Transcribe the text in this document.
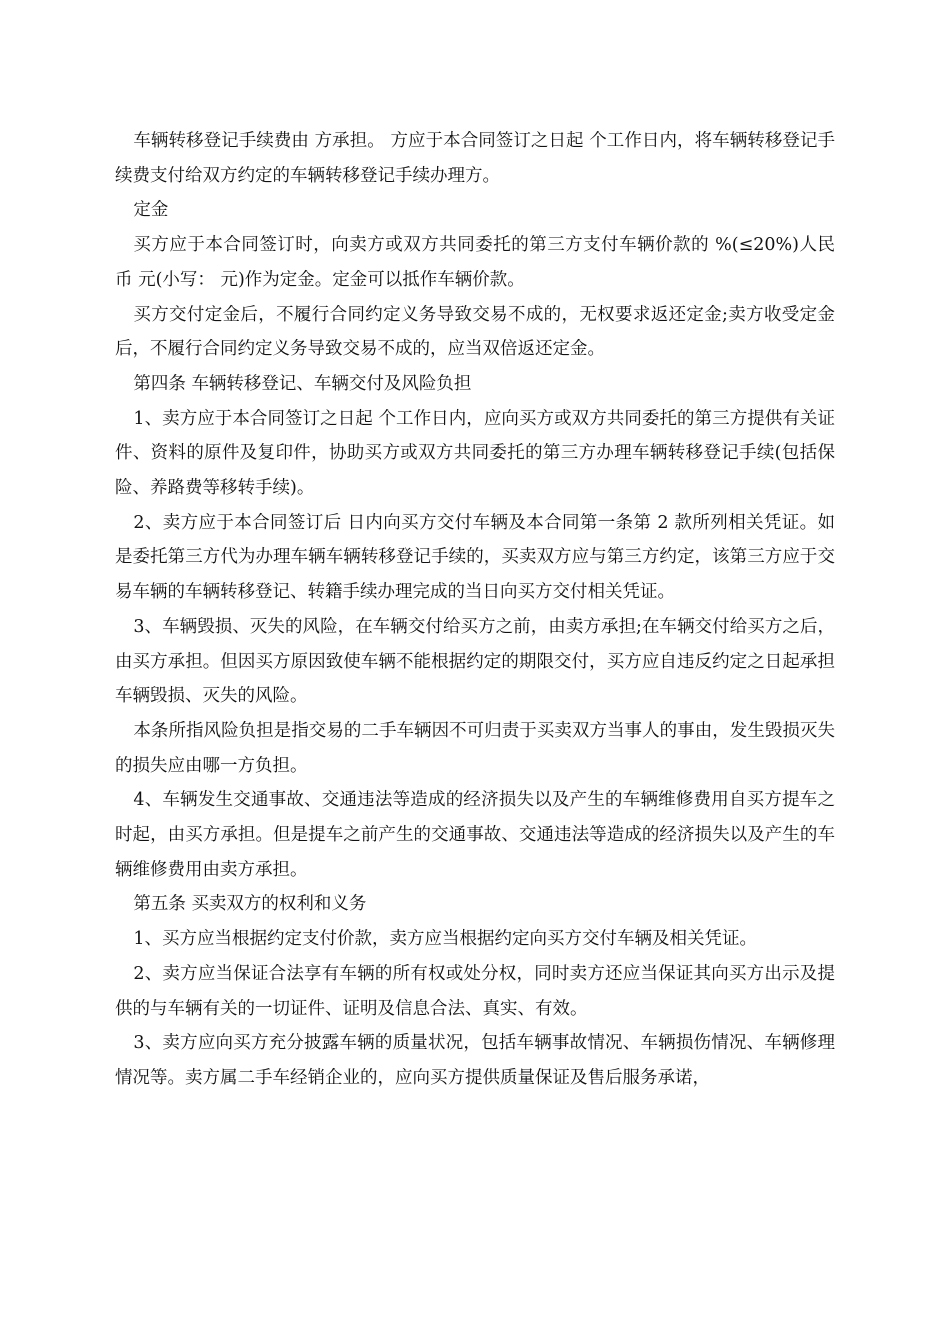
车辆转移登记手续费由 方承担。 方应于本合同签订之日起 个工作日内，将车辆转移登记手续费支付给双方约定的车辆转移登记手续办理方。

定金

买方应于本合同签订时，向卖方或双方共同委托的第三方支付车辆价款的 %(≤20%)人民币 元(小写： 元)作为定金。定金可以抵作车辆价款。

买方交付定金后，不履行合同约定义务导致交易不成的，无权要求返还定金;卖方收受定金后，不履行合同约定义务导致交易不成的，应当双倍返还定金。

第四条 车辆转移登记、车辆交付及风险负担

1、卖方应于本合同签订之日起 个工作日内，应向买方或双方共同委托的第三方提供有关证件、资料的原件及复印件，协助买方或双方共同委托的第三方办理车辆转移登记手续(包括保险、养路费等移转手续)。

2、卖方应于本合同签订后 日内向买方交付车辆及本合同第一条第 2 款所列相关凭证。如是委托第三方代为办理车辆车辆转移登记手续的，买卖双方应与第三方约定，该第三方应于交易车辆的车辆转移登记、转籍手续办理完成的当日向买方交付相关凭证。

3、车辆毁损、灭失的风险，在车辆交付给买方之前，由卖方承担;在车辆交付给买方之后，由买方承担。但因买方原因致使车辆不能根据约定的期限交付，买方应自违反约定之日起承担车辆毁损、灭失的风险。

本条所指风险负担是指交易的二手车辆因不可归责于买卖双方当事人的事由，发生毁损灭失的损失应由哪一方负担。

4、车辆发生交通事故、交通违法等造成的经济损失以及产生的车辆维修费用自买方提车之时起，由买方承担。但是提车之前产生的交通事故、交通违法等造成的经济损失以及产生的车辆维修费用由卖方承担。

第五条 买卖双方的权利和义务

1、买方应当根据约定支付价款，卖方应当根据约定向买方交付车辆及相关凭证。

2、卖方应当保证合法享有车辆的所有权或处分权，同时卖方还应当保证其向买方出示及提供的与车辆有关的一切证件、证明及信息合法、真实、有效。

3、卖方应向买方充分披露车辆的质量状况，包括车辆事故情况、车辆损伤情况、车辆修理情况等。卖方属二手车经销企业的，应向买方提供质量保证及售后服务承诺，
